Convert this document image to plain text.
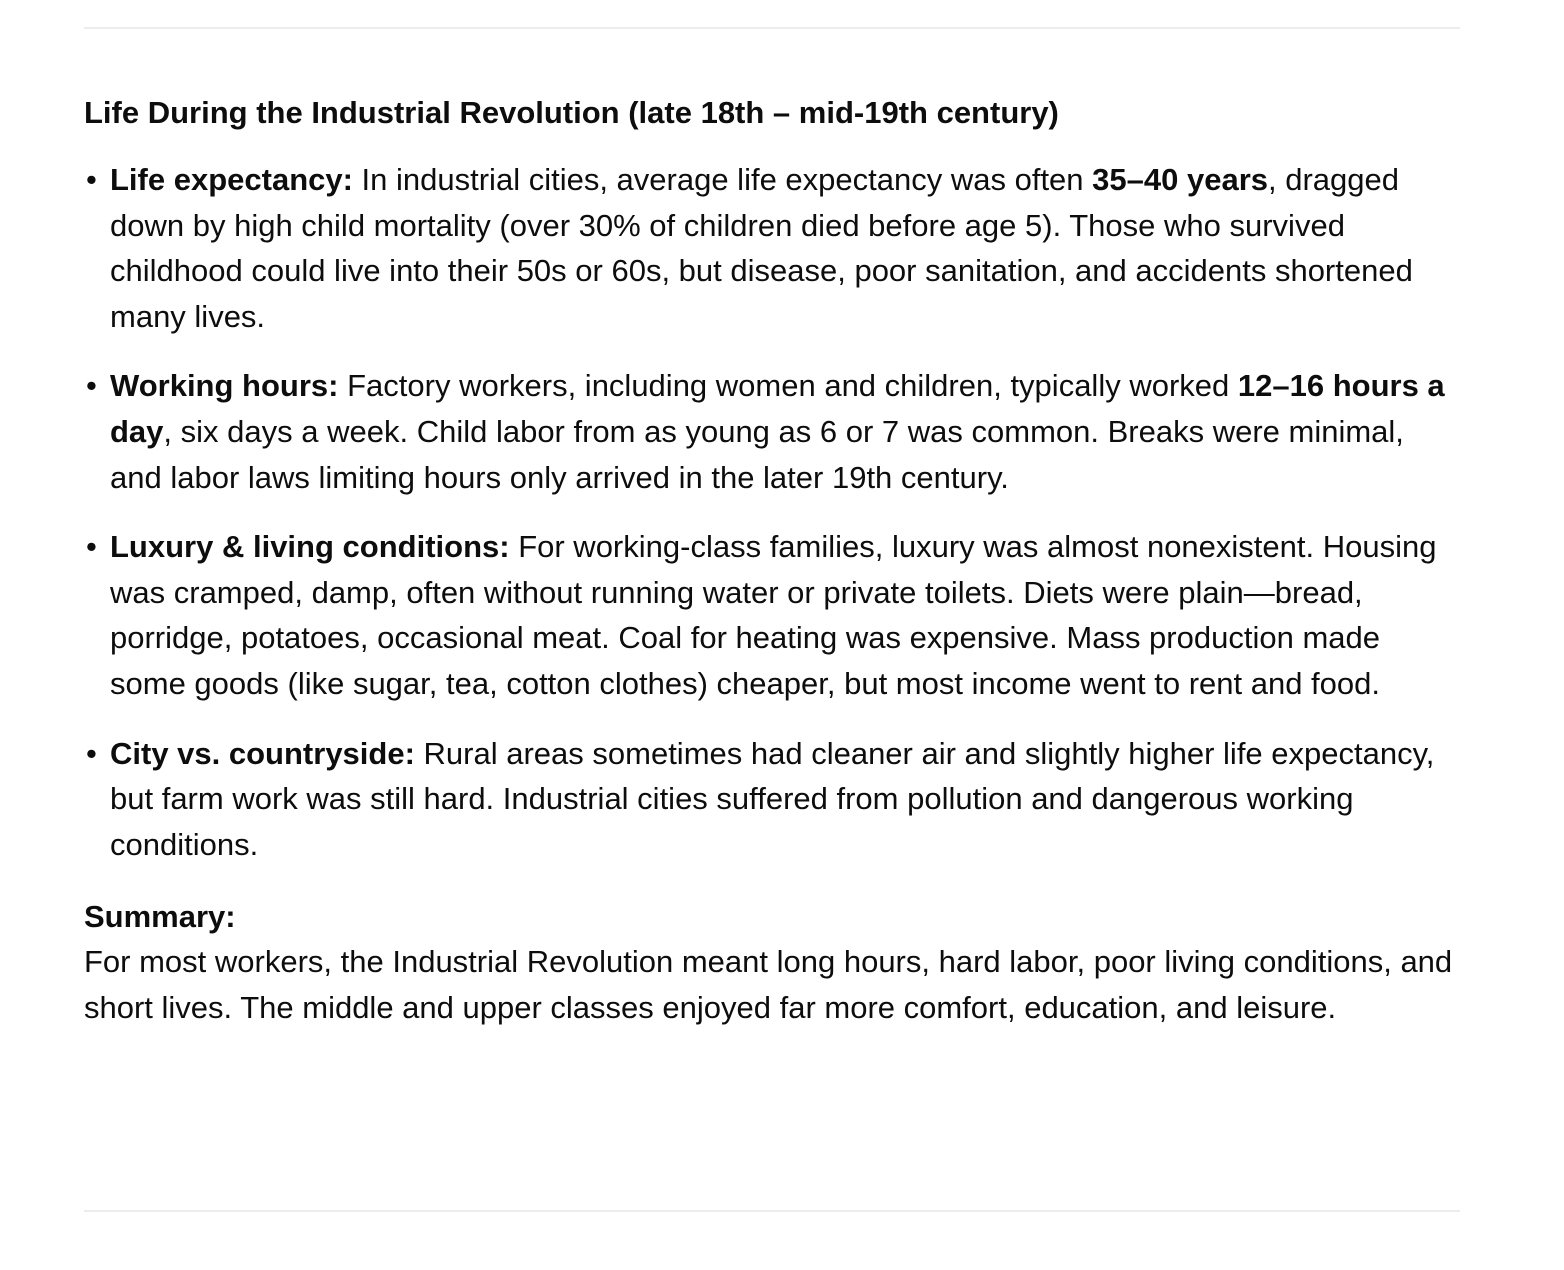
Life During the Industrial Revolution (late 18th – mid-19th century)
• Life expectancy: In industrial cities, average life expectancy was often 35–40 years, dragged down by high child mortality (over 30% of children died before age 5). Those who survived childhood could live into their 50s or 60s, but disease, poor sanitation, and accidents shortened many lives.
• Working hours: Factory workers, including women and children, typically worked 12–16 hours a day, six days a week. Child labor from as young as 6 or 7 was common. Breaks were minimal, and labor laws limiting hours only arrived in the later 19th century.
• Luxury & living conditions: For working-class families, luxury was almost nonexistent. Housing was cramped, damp, often without running water or private toilets. Diets were plain—bread, porridge, potatoes, occasional meat. Coal for heating was expensive. Mass production made some goods (like sugar, tea, cotton clothes) cheaper, but most income went to rent and food.
• City vs. countryside: Rural areas sometimes had cleaner air and slightly higher life expectancy, but farm work was still hard. Industrial cities suffered from pollution and dangerous working conditions.

Summary:

For most workers, the Industrial Revolution meant long hours, hard labor, poor living conditions, and short lives. The middle and upper classes enjoyed far more comfort, education, and leisure.
